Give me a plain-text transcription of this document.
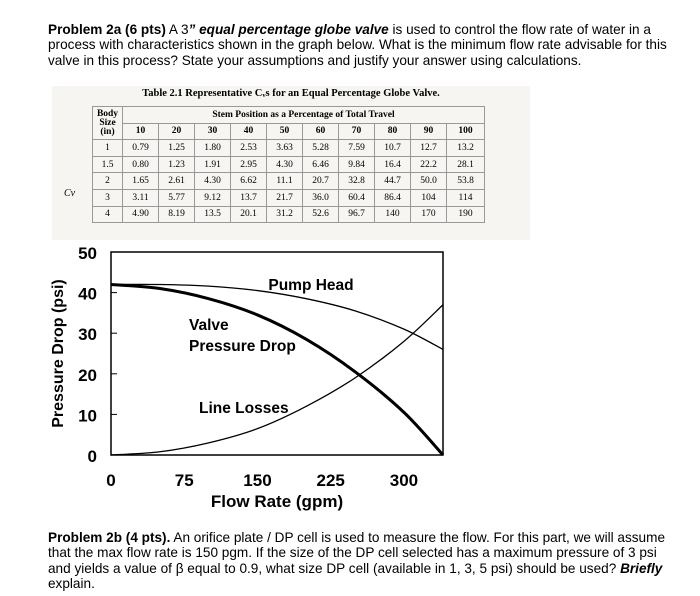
Problem 2a (6 pts) A 3” equal percentage globe valve is used to control the flow rate of water in a process with characteristics shown in the graph below. What is the minimum flow rate advisable for this valve in this process? State your assumptions and justify your answer using calculations.
Table 2.1 Representative Cᵥs for an Equal Percentage Globe Valve.
Cv
Body
Size
(in)	Stem Position as a Percentage of Total Travel									
	10	20	30	40	50	60	70	80	90	100
1	0.79	1.25	1.80	2.53	3.63	5.28	7.59	10.7	12.7	13.2
1.5	0.80	1.23	1.91	2.95	4.30	6.46	9.84	16.4	22.2	28.1
2	1.65	2.61	4.30	6.62	11.1	20.7	32.8	44.7	50.0	53.8
3	3.11	5.77	9.12	13.7	21.7	36.0	60.4	86.4	104	114
4	4.90	8.19	13.5	20.1	31.2	52.6	96.7	140	170	190
0
10
20
30
40
50
0	75	150	225	300
Flow Rate (gpm)
Pressure Drop (psi)	Pump Head
Valve
Pressure Drop
Line Losses
Problem 2b (4 pts). An orifice plate / DP cell is used to measure the flow. For this part, we will assume that the max flow rate is 150 pgm. If the size of the DP cell selected has a maximum pressure of 3 psi and yields a value of β equal to 0.9, what size DP cell (available in 1, 3, 5 psi) should be used? Briefly explain.
